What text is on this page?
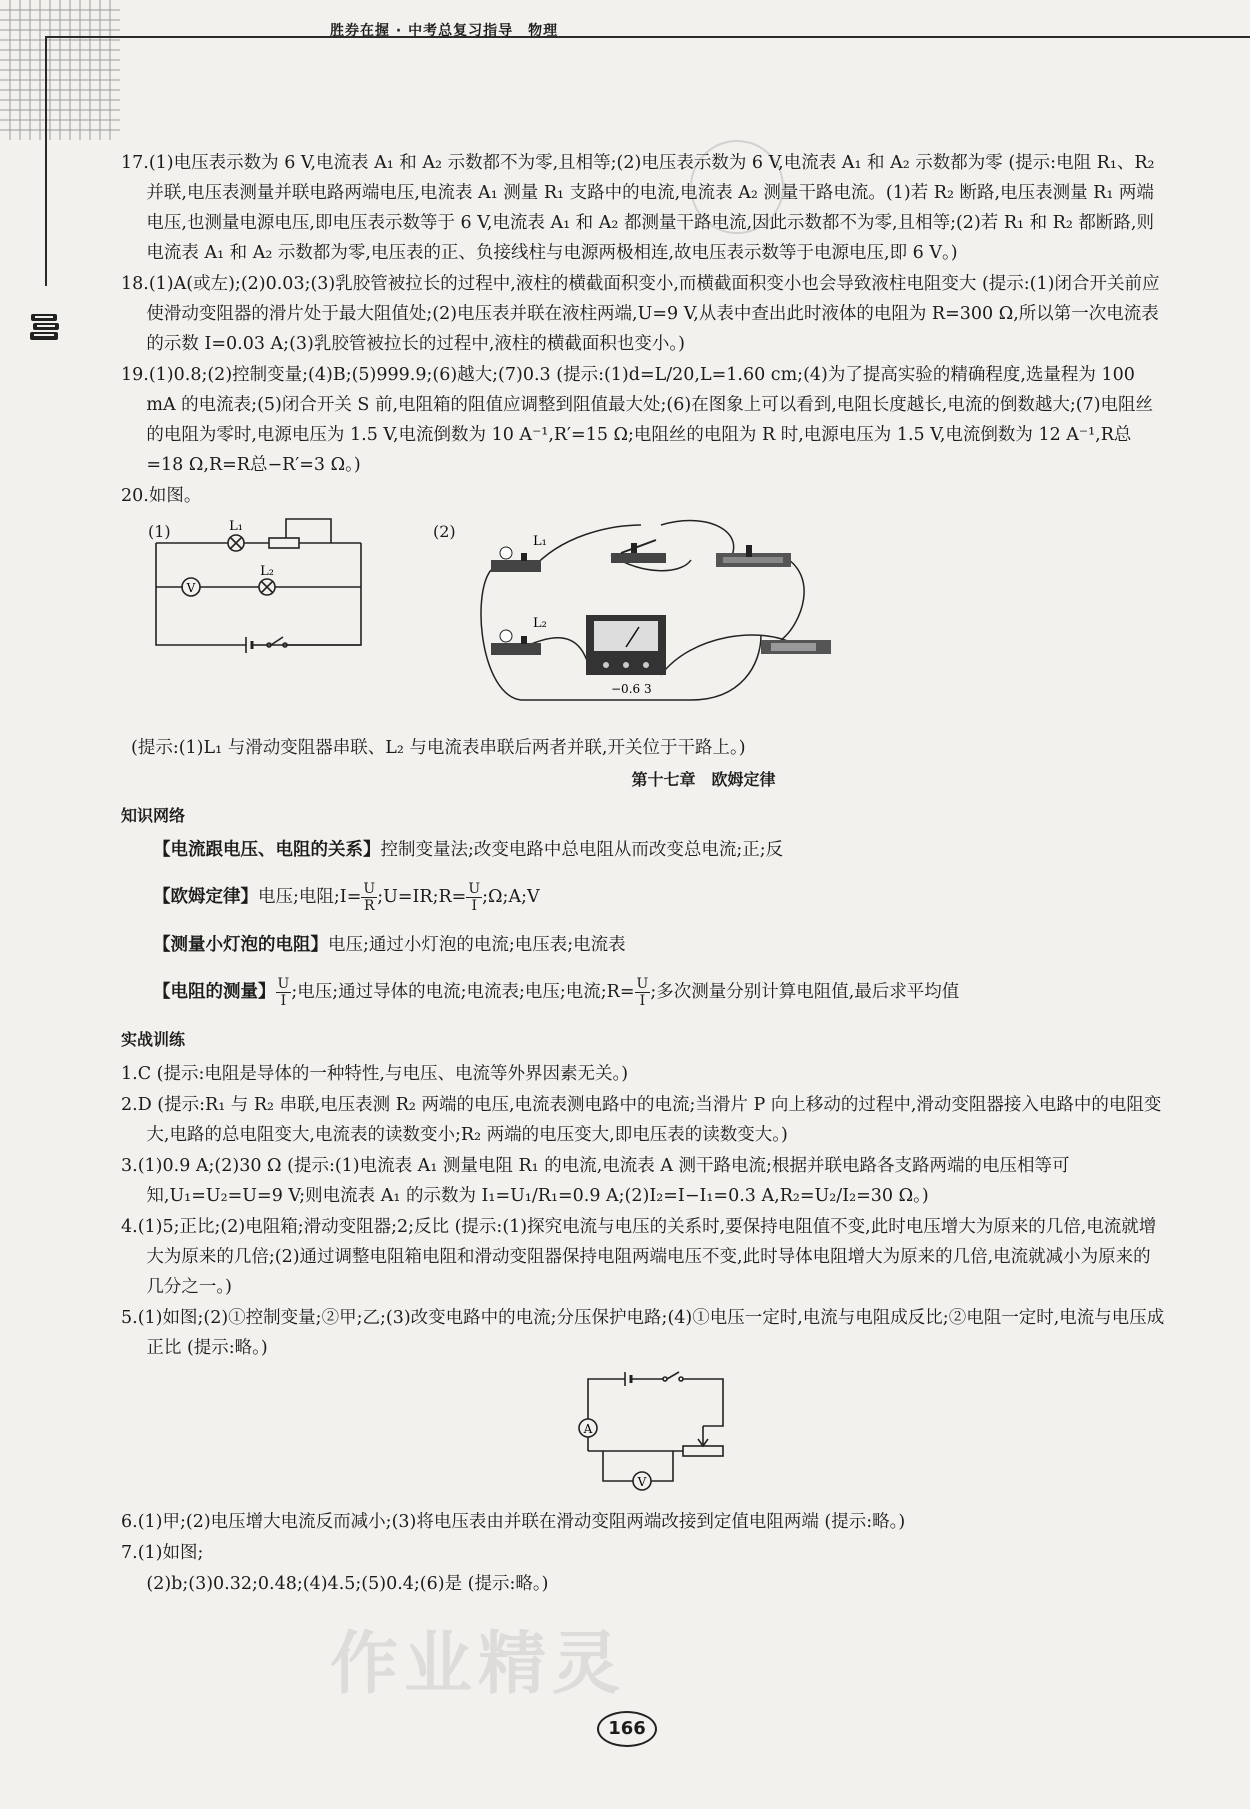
胜券在握 · 中考总复习指导　物理

17.(1)电压表示数为 6 V,电流表 A₁ 和 A₂ 示数都不为零,且相等;(2)电压表示数为 6 V,电流表 A₁ 和 A₂ 示数都为零 (提示:电阻 R₁、R₂ 并联,电压表测量并联电路两端电压,电流表 A₁ 测量 R₁ 支路中的电流,电流表 A₂ 测量干路电流。(1)若 R₂ 断路,电压表测量 R₁ 两端电压,也测量电源电压,即电压表示数等于 6 V,电流表 A₁ 和 A₂ 都测量干路电流,因此示数都不为零,且相等;(2)若 R₁ 和 R₂ 都断路,则电流表 A₁ 和 A₂ 示数都为零,电压表的正、负接线柱与电源两极相连,故电压表示数等于电源电压,即 6 V。)

18.(1)A(或左);(2)0.03;(3)乳胶管被拉长的过程中,液柱的横截面积变小,而横截面积变小也会导致液柱电阻变大 (提示:(1)闭合开关前应使滑动变阻器的滑片处于最大阻值处;(2)电压表并联在液柱两端,U=9 V,从表中查出此时液体的电阻为 R=300 Ω,所以第一次电流表的示数 I=0.03 A;(3)乳胶管被拉长的过程中,液柱的横截面积也变小。)

19.(1)0.8;(2)控制变量;(4)B;(5)999.9;(6)越大;(7)0.3 (提示:(1)d=L/20,L=1.60 cm;(4)为了提高实验的精确程度,选量程为 100 mA 的电流表;(5)闭合开关 S 前,电阻箱的阻值应调整到阻值最大处;(6)在图象上可以看到,电阻长度越长,电流的倒数越大;(7)电阻丝的电阻为零时,电源电压为 1.5 V,电流倒数为 10 A⁻¹,R′=15 Ω;电阻丝的电阻为 R 时,电源电压为 1.5 V,电流倒数为 12 A⁻¹,R总=18 Ω,R=R总−R′=3 Ω。)

20.如图。

(1)	(2)
L₁
L₂
V
L₁
L₂
−0.6 3

(提示:(1)L₁ 与滑动变阻器串联、L₂ 与电流表串联后两者并联,开关位于干路上。)

第十七章　欧姆定律
知识网络
【电流跟电压、电阻的关系】控制变量法;改变电路中总电阻从而改变总电流;正;反
【欧姆定律】电压;电阻;I= $\frac{U}{R}$ ;U=IR;R= $\frac{U}{I}$ ;Ω;A;V
【测量小灯泡的电阻】电压;通过小灯泡的电流;电压表;电流表
【电阻的测量】 $\frac{U}{I}$ ;电压;通过导体的电流;电流表;电压;电流;R= $\frac{U}{I}$ ;多次测量分别计算电阻值,最后求平均值
实战训练

1.C (提示:电阻是导体的一种特性,与电压、电流等外界因素无关。)

2.D (提示:R₁ 与 R₂ 串联,电压表测 R₂ 两端的电压,电流表测电路中的电流;当滑片 P 向上移动的过程中,滑动变阻器接入电路中的电阻变大,电路的总电阻变大,电流表的读数变小;R₂ 两端的电压变大,即电压表的读数变大。)

3.(1)0.9 A;(2)30 Ω (提示:(1)电流表 A₁ 测量电阻 R₁ 的电流,电流表 A 测干路电流;根据并联电路各支路两端的电压相等可知,U₁=U₂=U=9 V;则电流表 A₁ 的示数为 I₁=U₁/R₁=0.9 A;(2)I₂=I−I₁=0.3 A,R₂=U₂/I₂=30 Ω。)

4.(1)5;正比;(2)电阻箱;滑动变阻器;2;反比 (提示:(1)探究电流与电压的关系时,要保持电阻值不变,此时电压增大为原来的几倍,电流就增大为原来的几倍;(2)通过调整电阻箱电阻和滑动变阻器保持电阻两端电压不变,此时导体电阻增大为原来的几倍,电流就减小为原来的几分之一。)

5.(1)如图;(2)①控制变量;②甲;乙;(3)改变电路中的电流;分压保护电路;(4)①电压一定时,电流与电阻成反比;②电阻一定时,电流与电压成正比 (提示:略。)

A
V

6.(1)甲;(2)电压增大电流反而减小;(3)将电压表由并联在滑动变阻两端改接到定值电阻两端 (提示:略。)

7.(1)如图;

(2)b;(3)0.32;0.48;(4)4.5;(5)0.4;(6)是 (提示:略。)

作业精灵
166
